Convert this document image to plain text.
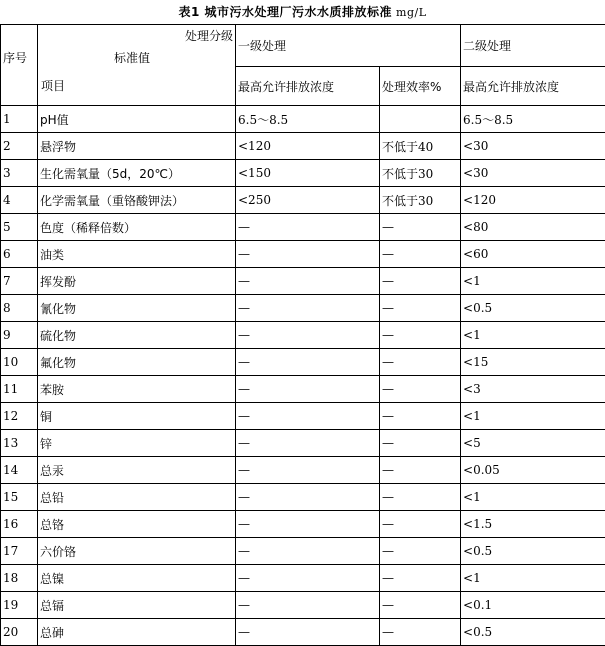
表1 城市污水处理厂污水水质排放标准 mg/L
序号	处理分级
标准值
项目	一级处理		二级处理
		最高允许排放浓度	处理效率%	最高允许排放浓度
1	pH值	6.5～8.5		6.5～8.5
2	悬浮物	<120	不低于40	<30
3	生化需氧量（5d，20℃）	<150	不低于30	<30
4	化学需氧量（重铬酸钾法）	<250	不低于30	<120
5	色度（稀释倍数）	—	—	<80
6	油类	—	—	<60
7	挥发酚	—	—	<1
8	氰化物	—	—	<0.5
9	硫化物	—	—	<1
10	氟化物	—	—	<15
11	苯胺	—	—	<3
12	铜	—	—	<1
13	锌	—	—	<5
14	总汞	—	—	<0.05
15	总铅	—	—	<1
16	总铬	—	—	<1.5
17	六价铬	—	—	<0.5
18	总镍	—	—	<1
19	总镉	—	—	<0.1
20	总砷	—	—	<0.5
